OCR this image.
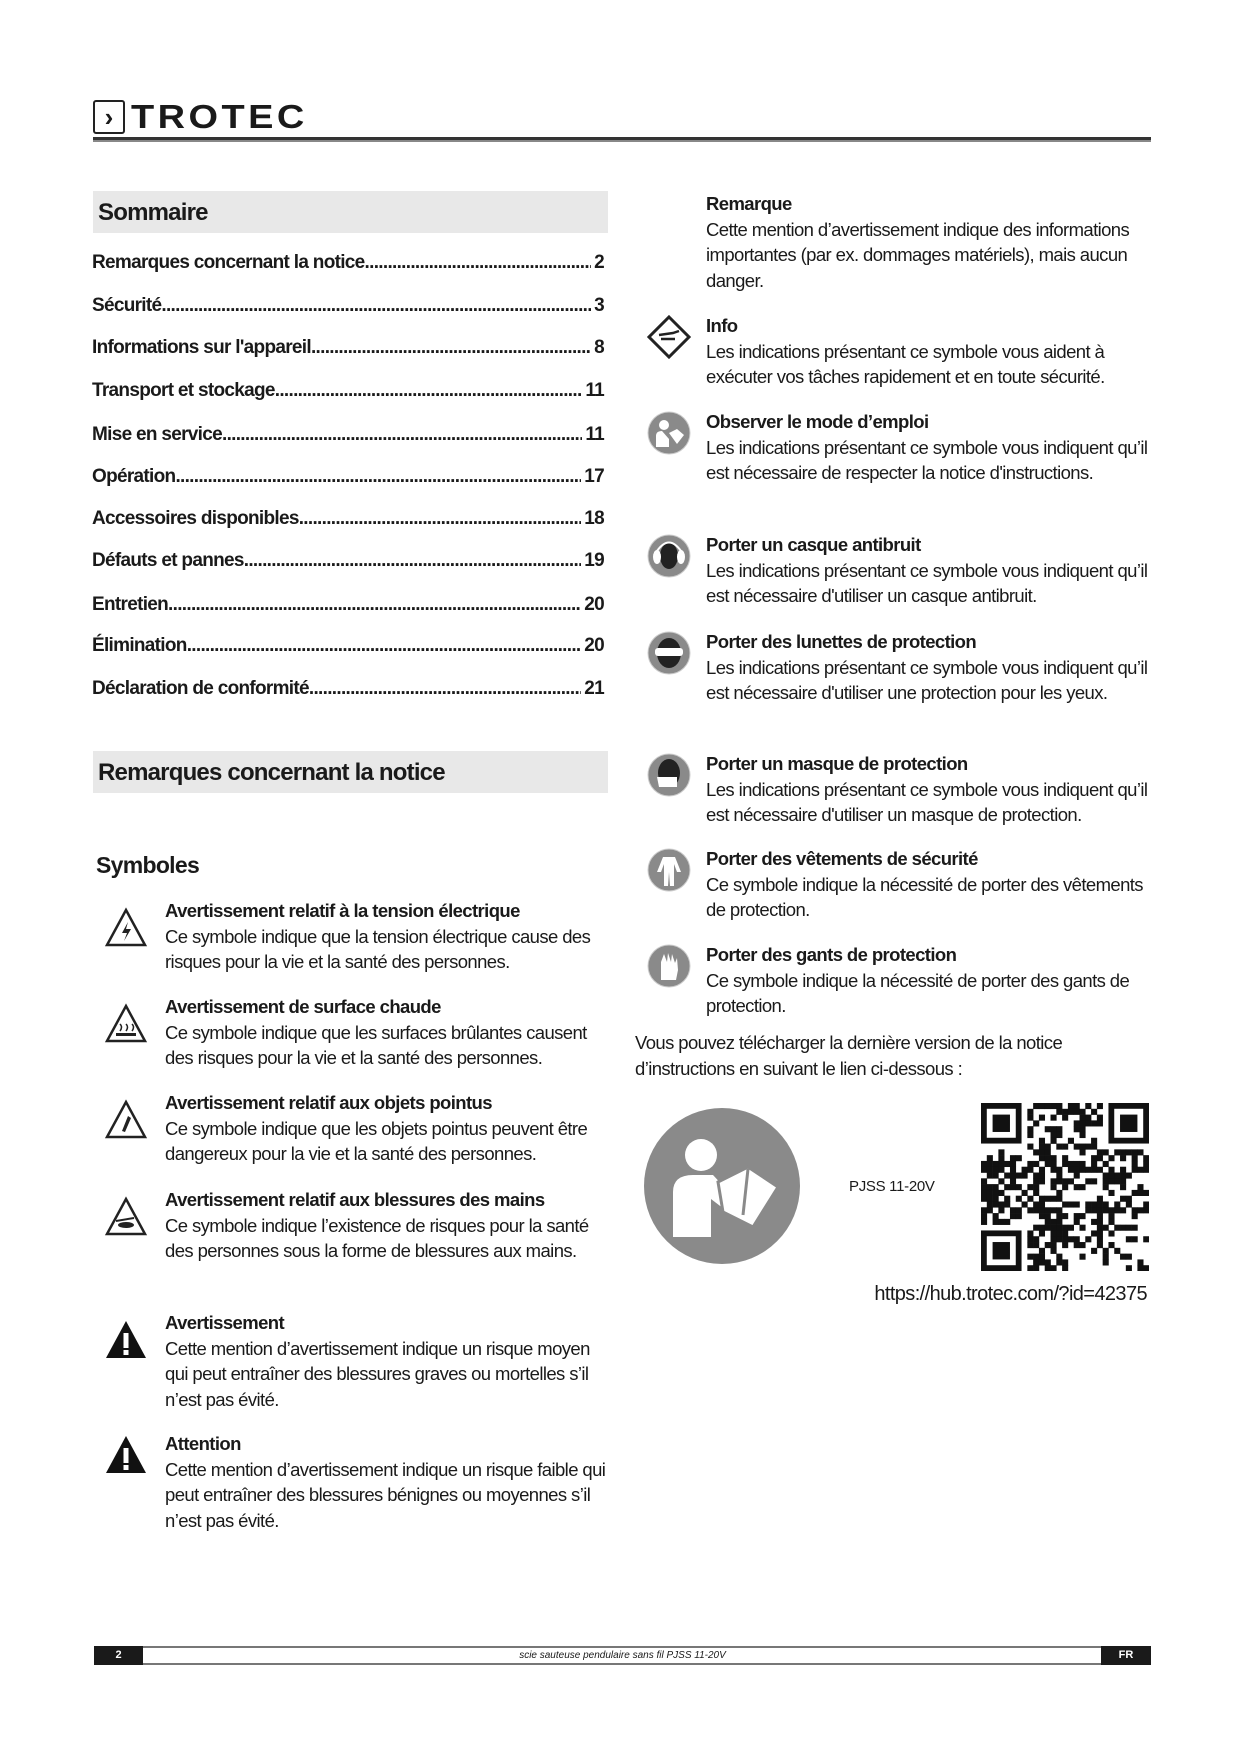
› TROTEC
Sommaire
Remarques concernant la notice .....	2
Sécurité .....	3
Informations sur l'appareil .....	8
Transport et stockage .....	11
Mise en service .....	11
Opération .....	17
Accessoires disponibles .....	18
Défauts et pannes .....	19
Entretien .....	20
Élimination .....	20
Déclaration de conformité .....	21
Remarques concernant la notice
Symboles
Avertissement relatif à la tension électrique
Ce symbole indique que la tension électrique cause des risques pour la vie et la santé des personnes.
Avertissement de surface chaude
Ce symbole indique que les surfaces brûlantes causent des risques pour la vie et la santé des personnes.
Avertissement relatif aux objets pointus
Ce symbole indique que les objets pointus peuvent être dangereux pour la vie et la santé des personnes.
Avertissement relatif aux blessures des mains
Ce symbole indique l’existence de risques pour la santé des personnes sous la forme de blessures aux mains.
Avertissement
Cette mention d’avertissement indique un risque moyen qui peut entraîner des blessures graves ou mortelles s’il n’est pas évité.
Attention
Cette mention d’avertissement indique un risque faible qui peut entraîner des blessures bénignes ou moyennes s’il n’est pas évité.
Remarque
Cette mention d’avertissement indique des informations importantes (par ex. dommages matériels), mais aucun danger.
Info
Les indications présentant ce symbole vous aident à exécuter vos tâches rapidement et en toute sécurité.
Observer le mode d’emploi
Les indications présentant ce symbole vous indiquent qu’il est nécessaire de respecter la notice d'instructions.
Porter un casque antibruit
Les indications présentant ce symbole vous indiquent qu’il est nécessaire d'utiliser un casque antibruit.
Porter des lunettes de protection
Les indications présentant ce symbole vous indiquent qu’il est nécessaire d'utiliser une protection pour les yeux.
Porter un masque de protection
Les indications présentant ce symbole vous indiquent qu’il est nécessaire d'utiliser un masque de protection.
Porter des vêtements de sécurité
Ce symbole indique la nécessité de porter des vêtements de protection.
Porter des gants de protection
Ce symbole indique la nécessité de porter des gants de protection.
Vous pouvez télécharger la dernière version de la notice d’instructions en suivant le lien ci-dessous :
PJSS 11-20V
https://hub.trotec.com/?id=42375
scie sauteuse pendulaire sans fil PJSS 11-20V
2	FR
